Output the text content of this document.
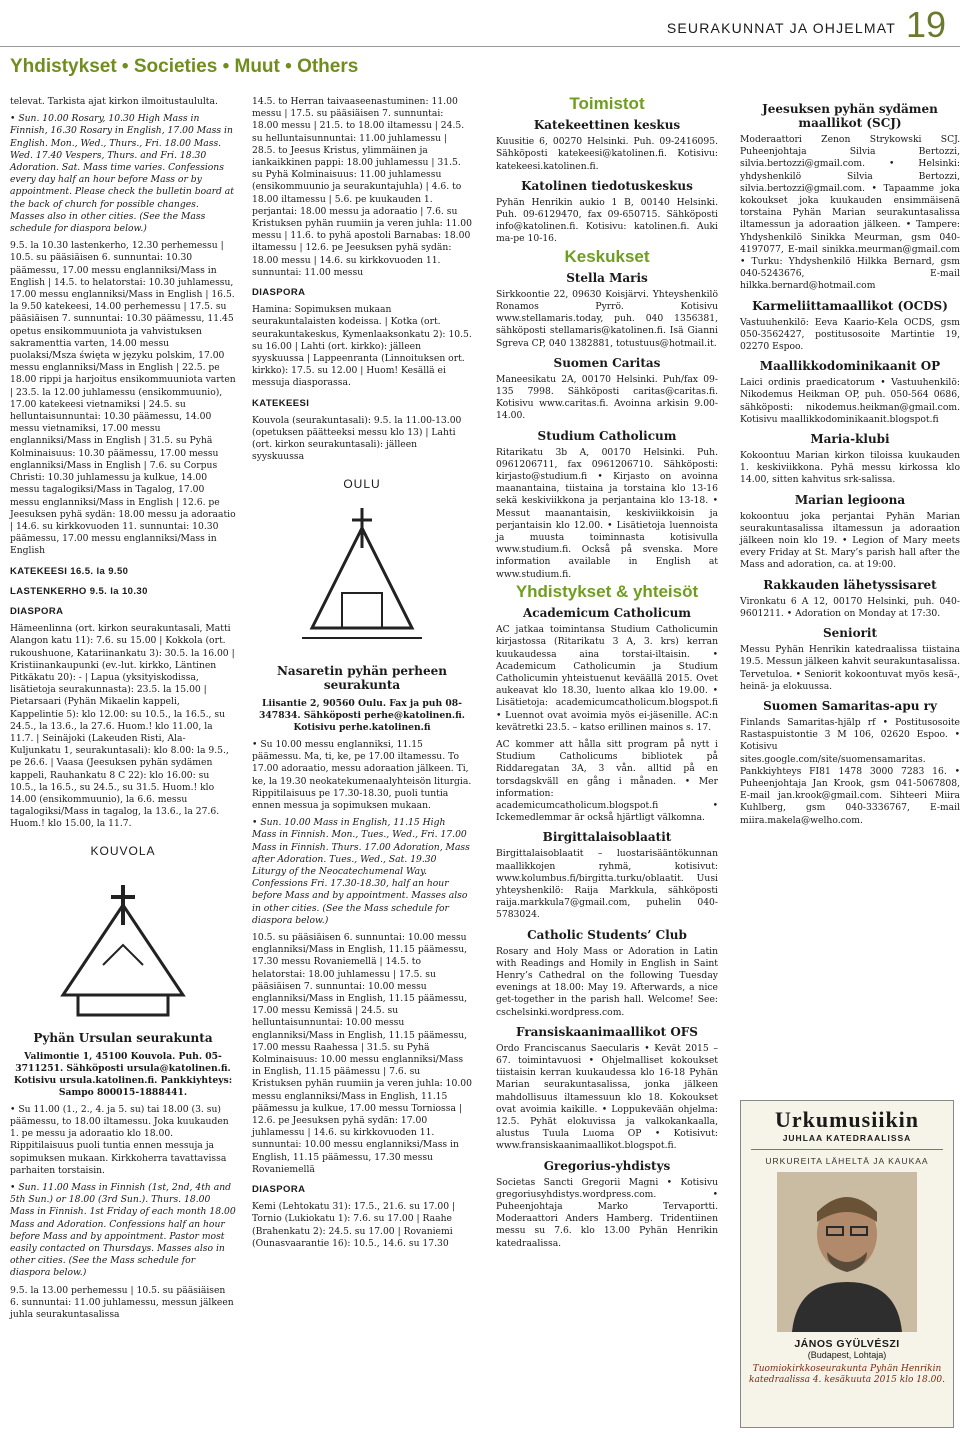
SEURAKUNNAT JA OHJELMAT 19
Yhdistykset • Societies • Muut • Others

televat. Tarkista ajat kirkon ilmoitustaululta.

• Sun. 10.00 Rosary, 10.30 High Mass in Finnish, 16.30 Rosary in English, 17.00 Mass in English. Mon., Wed., Thurs., Fri. 18.00 Mass. Wed. 17.40 Vespers, Thurs. and Fri. 18.30 Adoration. Sat. Mass time varies. Confessions every day half an hour before Mass or by appointment. Please check the bulletin board at the back of church for possible changes. Masses also in other cities. (See the Mass schedule for diaspora below.)

9.5. la 10.30 lastenkerho, 12.30 perhemessu | 10.5. su pääsiäisen 6. sunnuntai: 10.30 päämessu, 17.00 messu englanniksi/Mass in English | 14.5. to helatorstai: 10.30 juhlamessu, 17.00 messu englanniksi/Mass in English | 16.5. la 9.50 katekeesi, 14.00 perhemessu | 17.5. su pääsiäisen 7. sunnuntai: 10.30 päämessu, 11.45 opetus ensikommuuniota ja vahvistuksen sakramenttia varten, 14.00 messu puolaksi/Msza święta w języku polskim, 17.00 messu englanniksi/Mass in English | 22.5. pe 18.00 rippi ja harjoitus ensikommuuniota varten | 23.5. la 12.00 juhlamessu (ensikommuunio), 17.00 katekeesi vietnamiksi | 24.5. su helluntaisunnuntai: 10.30 päämessu, 14.00 messu vietnamiksi, 17.00 messu englanniksi/Mass in English | 31.5. su Pyhä Kolminaisuus: 10.30 päämessu, 17.00 messu englanniksi/Mass in English | 7.6. su Corpus Christi: 10.30 juhlamessu ja kulkue, 14.00 messu tagalogiksi/Mass in Tagalog, 17.00 messu englanniksi/Mass in English | 12.6. pe Jeesuksen pyhä sydän: 18.00 messu ja adoraatio | 14.6. su kirkkovuoden 11. sunnuntai: 10.30 päämessu, 17.00 messu englanniksi/Mass in English

KATEKEESI 16.5. la 9.50

LASTENKERHO 9.5. la 10.30

DIASPORA

Hämeenlinna (ort. kirkon seurakuntasali, Matti Alangon katu 11): 7.6. su 15.00 | Kokkola (ort. rukoushuone, Katariinankatu 3): 30.5. la 16.00 | Kristiinankaupunki (ev.-lut. kirkko, Läntinen Pitkäkatu 20): - | Lapua (yksityiskodissa, lisätietoja seurakunnasta): 23.5. la 15.00 | Pietarsaari (Pyhän Mikaelin kappeli, Kappelintie 5): klo 12.00: su 10.5., la 16.5., su 24.5., la 13.6., la 27.6. Huom.! klo 11.00, la 11.7. | Seinäjoki (Lakeuden Risti, Ala-Kuljunkatu 1, seurakuntasali): klo 8.00: la 9.5., pe 26.6. | Vaasa (Jeesuksen pyhän sydämen kappeli, Rauhankatu 8 C 22): klo 16.00: su 10.5., la 16.5., su 24.5., su 31.5. Huom.! klo 14.00 (ensikommuunio), la 6.6. messu tagalogiksi/Mass in tagalog, la 13.6., la 27.6. Huom.! klo 15.00, la 11.7.

KOUVOLA
Pyhän Ursulan seurakunta

Valimontie 1, 45100 Kouvola. Puh. 05-3711251. Sähköposti ursula@katolinen.fi. Kotisivu ursula.katolinen.fi. Pankkiyhteys: Sampo 800015-1888441.

• Su 11.00 (1., 2., 4. ja 5. su) tai 18.00 (3. su) päämessu, to 18.00 iltamessu. Joka kuukauden 1. pe messu ja adoraatio klo 18.00. Rippitilaisuus puoli tuntia ennen messuja ja sopimuksen mukaan. Kirkkoherra tavattavissa parhaiten torstaisin.

• Sun. 11.00 Mass in Finnish (1st, 2nd, 4th and 5th Sun.) or 18.00 (3rd Sun.). Thurs. 18.00 Mass in Finnish. 1st Friday of each month 18.00 Mass and Adoration. Confessions half an hour before Mass and by appointment. Pastor most easily contacted on Thursdays. Masses also in other cities. (See the Mass schedule for diaspora below.)

9.5. la 13.00 perhemessu | 10.5. su pääsiäisen 6. sunnuntai: 11.00 juhlamessu, messun jälkeen juhla seurakuntasalissa

14.5. to Herran taivaaseenastuminen: 11.00 messu | 17.5. su pääsiäisen 7. sunnuntai: 18.00 messu | 21.5. to 18.00 iltamessu | 24.5. su helluntaisunnuntai: 11.00 juhlamessu | 28.5. to Jeesus Kristus, ylimmäinen ja iankaikkinen pappi: 18.00 juhlamessu | 31.5. su Pyhä Kolminaisuus: 11.00 juhlamessu (ensikommuunio ja seurakuntajuhla) | 4.6. to 18.00 iltamessu | 5.6. pe kuukauden 1. perjantai: 18.00 messu ja adoraatio | 7.6. su Kristuksen pyhän ruumiin ja veren juhla: 11.00 messu | 11.6. to pyhä apostoli Barnabas: 18.00 iltamessu | 12.6. pe Jeesuksen pyhä sydän: 18.00 messu | 14.6. su kirkkovuoden 11. sunnuntai: 11.00 messu

DIASPORA

Hamina: Sopimuksen mukaan seurakuntalaisten kodeissa. | Kotka (ort. seurakuntakeskus, Kymenlaaksonkatu 2): 10.5. su 16.00 | Lahti (ort. kirkko): jälleen syyskuussa | Lappeenranta (Linnoituksen ort. kirkko): 17.5. su 12.00 | Huom! Kesällä ei messuja diasporassa.

KATEKEESI

Kouvola (seurakuntasali): 9.5. la 11.00-13.00 (opetuksen päätteeksi messu klo 13) | Lahti (ort. kirkon seurakuntasali): jälleen syyskuussa

OULU
Nasaretin pyhän perheen seurakunta

Liisantie 2, 90560 Oulu. Fax ja puh 08-347834. Sähköposti perhe@katolinen.fi. Kotisivu perhe.katolinen.fi

• Su 10.00 messu englanniksi, 11.15 päämessu. Ma, ti, ke, pe 17.00 iltamessu. To 17.00 adoraatio, messu adoraation jälkeen. Ti, ke, la 19.30 neokatekumenaalyhteisön liturgia. Rippitilaisuus pe 17.30-18.30, puoli tuntia ennen messua ja sopimuksen mukaan.

• Sun. 10.00 Mass in English, 11.15 High Mass in Finnish. Mon., Tues., Wed., Fri. 17.00 Mass in Finnish. Thurs. 17.00 Adoration, Mass after Adoration. Tues., Wed., Sat. 19.30 Liturgy of the Neocatechumenal Way. Confessions Fri. 17.30-18.30, half an hour before Mass and by appointment. Masses also in other cities. (See the Mass schedule for diaspora below.)

10.5. su pääsiäisen 6. sunnuntai: 10.00 messu englanniksi/Mass in English, 11.15 päämessu, 17.30 messu Rovaniemellä | 14.5. to helatorstai: 18.00 juhlamessu | 17.5. su pääsiäisen 7. sunnuntai: 10.00 messu englanniksi/Mass in English, 11.15 päämessu, 17.00 messu Kemissä | 24.5. su helluntaisunnuntai: 10.00 messu englanniksi/Mass in English, 11.15 päämessu, 17.00 messu Raahessa | 31.5. su Pyhä Kolminaisuus: 10.00 messu englanniksi/Mass in English, 11.15 päämessu | 7.6. su Kristuksen pyhän ruumiin ja veren juhla: 10.00 messu englanniksi/Mass in English, 11.15 päämessu ja kulkue, 17.00 messu Torniossa | 12.6. pe Jeesuksen pyhä sydän: 17.00 juhlamessu | 14.6. su kirkkovuoden 11. sunnuntai: 10.00 messu englanniksi/Mass in English, 11.15 päämessu, 17.30 messu Rovaniemellä

DIASPORA

Kemi (Lehtokatu 31): 17.5., 21.6. su 17.00 | Tornio (Lukiokatu 1): 7.6. su 17.00 | Raahe (Brahenkatu 2): 24.5. su 17.00 | Rovaniemi (Ounasvaarantie 16): 10.5., 14.6. su 17.30

Toimistot
Katekeettinen keskus

Kuusitie 6, 00270 Helsinki. Puh. 09-2416095. Sähköposti katekeesi@katolinen.fi. Kotisivu: katekeesi.katolinen.fi.

Katolinen tiedotuskeskus

Pyhän Henrikin aukio 1 B, 00140 Helsinki. Puh. 09-6129470, fax 09-650715. Sähköposti info@katolinen.fi. Kotisivu: katolinen.fi. Auki ma-pe 10-16.

Keskukset
Stella Maris

Sirkkoontie 22, 09630 Koisjärvi. Yhteyshenkilö Ronamos Pyrrö. Kotisivu www.stellamaris.today, puh. 040 1356381, sähköposti stellamaris@katolinen.fi. Isä Gianni Sgreva CP, 040 1382881, totustuus@hotmail.it.

Suomen Caritas

Maneesikatu 2A, 00170 Helsinki. Puh/fax 09-135 7998. Sähköposti caritas@caritas.fi. Kotisivu www.caritas.fi. Avoinna arkisin 9.00-14.00.

Studium Catholicum

Ritarikatu 3b A, 00170 Helsinki. Puh. 0961206711, fax 0961206710. Sähköposti: kirjasto@studium.fi • Kirjasto on avoinna maanantaina, tiistaina ja torstaina klo 13-16 sekä keskiviikkona ja perjantaina klo 13-18. • Messut maanantaisin, keskiviikkoisin ja perjantaisin klo 12.00. • Lisätietoja luennoista ja muusta toiminnasta kotisivulla www.studium.fi. Också på svenska. More information available in English at www.studium.fi.

Yhdistykset & yhteisöt
Academicum Catholicum

AC jatkaa toimintansa Studium Catholicumin kirjastossa (Ritarikatu 3 A, 3. krs) kerran kuukaudessa aina torstai-iltaisin. • Academicum Catholicumin ja Studium Catholicumin yhteistuenut keväällä 2015. Ovet aukeavat klo 18.30, luento alkaa klo 19.00. • Lisätietoja: academicumcatholicum.blogspot.fi • Luennot ovat avoimia myös ei-jäsenille. AC:n kevätretki 23.5. – katso erillinen mainos s. 17.

AC kommer att hålla sitt program på nytt i Studium Catholicums bibliotek på Riddaregatan 3A, 3 vån. alltid på en torsdagskväll en gång i månaden. • Mer information: academicumcatholicum.blogspot.fi • Ickemedlemmar är också hjärtligt välkomna.

Birgittalaisoblaatit

Birgittalaisoblaatit – luostarisääntökunnan maallikkojen ryhmä, kotisivut: www.kolumbus.fi/birgitta.turku/oblaatit. Uusi yhteyshenkilö: Raija Markkula, sähköposti raija.markkula7@gmail.com, puhelin 040-5783024.

Catholic Students’ Club

Rosary and Holy Mass or Adoration in Latin with Readings and Homily in English in Saint Henry’s Cathedral on the following Tuesday evenings at 18.00: May 19. Afterwards, a nice get-together in the parish hall. Welcome! See: cschelsinki.wordpress.com.

Fransiskaanimaallikot OFS

Ordo Franciscanus Saecularis • Kevät 2015 – 67. toimintavuosi • Ohjelmalliset kokoukset tiistaisin kerran kuukaudessa klo 16-18 Pyhän Marian seurakuntasalissa, jonka jälkeen mahdollisuus iltamessuun klo 18. Kokoukset ovat avoimia kaikille. • Loppukevään ohjelma: 12.5. Pyhät elokuvissa ja valkokankaalla, alustus Tuula Luoma OP • Kotisivut: www.fransiskaanimaallikot.blogspot.fi.

Gregorius-yhdistys

Societas Sancti Gregorii Magni • Kotisivu gregoriusyhdistys.wordpress.com. • Puheenjohtaja Marko Tervaportti. Moderaattori Anders Hamberg. Tridentiinen messu su 7.6. klo 13.00 Pyhän Henrikin katedraalissa.

Jeesuksen pyhän sydämen maallikot (SCJ)

Moderaattori Zenon Strykowski SCJ. Puheenjohtaja Silvia Bertozzi, silvia.bertozzi@gmail.com. • Helsinki: yhdyshenkilö Silvia Bertozzi, silvia.bertozzi@gmail.com. • Tapaamme joka kokoukset joka kuukauden ensimmäisenä torstaina Pyhän Marian seurakuntasalissa iltamessun ja adoraation jälkeen. • Tampere: Yhdyshenkilö Sinikka Meurman, gsm 040-4197077, E-mail sinikka.meurman@gmail.com • Turku: Yhdyshenkilö Hilkka Bernard, gsm 040-5243676, E-mail hilkka.bernard@hotmail.com

Karmeliittamaallikot (OCDS)

Vastuuhenkilö: Eeva Kaario-Kela OCDS, gsm 050-3562427, postitusosoite Martintie 19, 02270 Espoo.

Maallikkodominikaanit OP

Laici ordinis praedicatorum • Vastuuhenkilö: Nikodemus Heikman OP, puh. 050-564 0686, sähköposti: nikodemus.heikman@gmail.com. Kotisivu maallikkodominikaanit.blogspot.fi

Maria-klubi

Kokoontuu Marian kirkon tiloissa kuukauden 1. keskiviikkona. Pyhä messu kirkossa klo 14.00, sitten kahvitus srk-salissa.

Marian legioona

kokoontuu joka perjantai Pyhän Marian seurakuntasalissa iltamessun ja adoraation jälkeen noin klo 19. • Legion of Mary meets every Friday at St. Mary’s parish hall after the Mass and adoration, ca. at 19:00.

Rakkauden lähetyssisaret

Vironkatu 6 A 12, 00170 Helsinki, puh. 040-9601211. • Adoration on Monday at 17:30.

Seniorit

Messu Pyhän Henrikin katedraalissa tiistaina 19.5. Messun jälkeen kahvit seurakuntasalissa. Tervetuloa. • Seniorit kokoontuvat myös kesä-, heinä- ja elokuussa.

Suomen Samaritas-apu ry

Finlands Samaritas-hjälp rf • Postitusosoite Rastaspuistontie 3 M 106, 02620 Espoo. • Kotisivu sites.google.com/site/suomensamaritas. Pankkiyhteys FI81 1478 3000 7283 16. • Puheenjohtaja Jan Krook, gsm 041-5067808, E-mail jan.krook@gmail.com. Sihteeri Miira Kuhlberg, gsm 040-3336767, E-mail miira.makela@welho.com.

Urkumusiikin
JUHLAA KATEDRAALISSA
URKUREITA LÄHELTÄ JA KAUKAA
JÁNOS GYÜLVÉSZI
(Budapest, Lohtaja)
Tuomiokirkkoseurakunta Pyhän Henrikin katedraalissa 4. kesäkuuta 2015 klo 18.00.
